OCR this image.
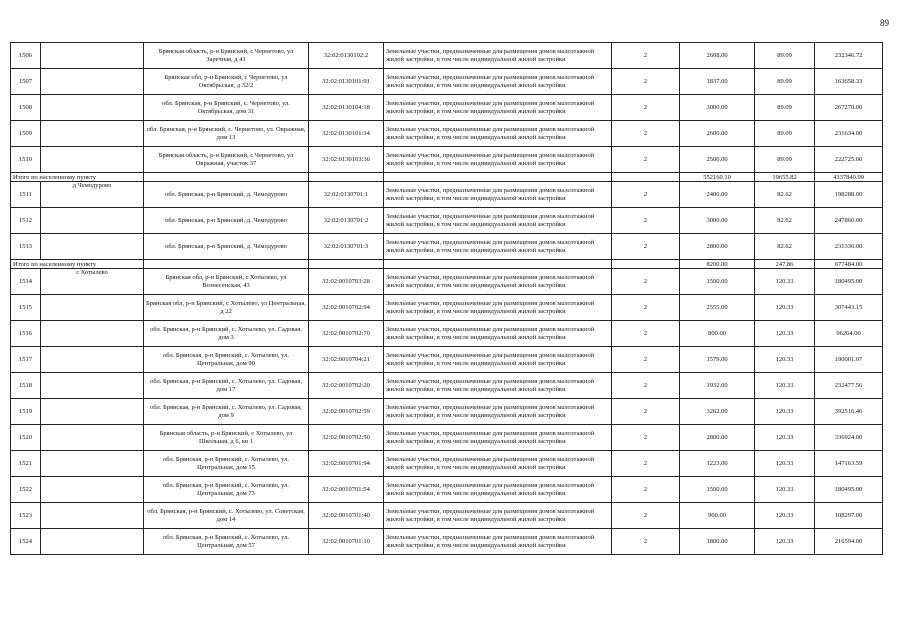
89
1506		Брянская область, р-н Брянский, с Чернетово, ул Заречная, д 41	32:02:0130102:2	Земельные участки, предназначенные для размещения домов малоэтажной жилой застройки, в том числе индивидуальной жилой застройки	2	2608.00	89.09	232346.72
1507		Брянская обл, р-н Брянский, с Чернетово, ул Октябрьская, д 32/2	32:02:0130101:91	Земельные участки, предназначенные для размещения домов малоэтажной жилой застройки, в том числе индивидуальной жилой застройки	2	1837.00	89.09	163658.33
1508		обл. Брянская, р-н Брянский, с. Чернетово, ул. Октябрьская, дом 31	32:02:0130104:18	Земельные участки, предназначенные для размещения домов малоэтажной жилой застройки, в том числе индивидуальной жилой застройки	2	3000.00	89.09	267270.00
1509		обл. Брянская, р-н Брянский, с. Чернетово, ул. Овражная, дом 13	32:02:0130101:34	Земельные участки, предназначенные для размещения домов малоэтажной жилой застройки, в том числе индивидуальной жилой застройки	2	2600.00	89.09	231634.00
1510		Брянская область, р-н Брянский, с Чернетово, ул Овражная, участок 37	32:02:0130103:36	Земельные участки, предназначенные для размещения домов малоэтажной жилой застройки, в том числе индивидуальной жилой застройки	2	2500.00	89.09	222725.00
Итого по населенному пункту						552160.10	19655.82	4337840.99
1511	д Чемодурово	обл. Брянская, р-н Брянский, д. Чемодурово	32:02:0130701:1	Земельные участки, предназначенные для размещения домов малоэтажной жилой застройки, в том числе индивидуальной жилой застройки	2	2400.00	82.62	198288.00
1512		обл. Брянская, р-н Брянский, д. Чемодурово	32:02:0130701:2	Земельные участки, предназначенные для размещения домов малоэтажной жилой застройки, в том числе индивидуальной жилой застройки	2	3000.00	82.62	247860.00
1513		обл. Брянская, р-н Брянский, д. Чемодурово	32:02:0130701:3	Земельные участки, предназначенные для размещения домов малоэтажной жилой застройки, в том числе индивидуальной жилой застройки	2	2800.00	82.62	231336.00
Итого по населенному пункту						8200.00	247.86	677484.00
1514	с Хотылево	Брянская обл, р-н Брянский, с Хотылево, ул Вознесенская, 43	32:02:0010703:28	Земельные участки, предназначенные для размещения домов малоэтажной жилой застройки, в том числе индивидуальной жилой застройки	2	1500.00	120.33	180495.00
1515		Брянская обл, р-н Брянский, с Хотылево, ул Центральная, д 22	32:02:0010702:94	Земельные участки, предназначенные для размещения домов малоэтажной жилой застройки, в том числе индивидуальной жилой застройки	2	2555.00	120.33	307443.15
1516		обл. Брянская, р-н Брянский, с. Хотылево, ул. Садовая, дом 3	32:02:0010702:70	Земельные участки, предназначенные для размещения домов малоэтажной жилой застройки, в том числе индивидуальной жилой застройки	2	800.00	120.33	96264.00
1517		обл. Брянская, р-н Брянский, с. Хотылево, ул. Центральная, дом 90	32:02:0010704:21	Земельные участки, предназначенные для размещения домов малоэтажной жилой застройки, в том числе индивидуальной жилой застройки	2	1579.00	120.33	190001.07
1518		обл. Брянская, р-н Брянский, с. Хотылево, ул. Садовая, дом 17	32:02:0010702:20	Земельные участки, предназначенные для размещения домов малоэтажной жилой застройки, в том числе индивидуальной жилой застройки	2	1932.00	120.33	232477.56
1519		обл. Брянская, р-н Брянский, с. Хотылево, ул. Садовая, дом 9	32:02:0010702:59	Земельные участки, предназначенные для размещения домов малоэтажной жилой застройки, в том числе индивидуальной жилой застройки	2	3262.00	120.33	392516.46
1520		Брянская область, р-н Брянский, с Хотылево, ул Школьная, д 6, кв 1	32:02:0010702:50	Земельные участки, предназначенные для размещения домов малоэтажной жилой застройки, в том числе индивидуальной жилой застройки	2	2800.00	120.33	336924.00
1521		обл. Брянская, р-н Брянский, с. Хотылево, ул. Центральная, дом 15	32:02:0010701:94	Земельные участки, предназначенные для размещения домов малоэтажной жилой застройки, в том числе индивидуальной жилой застройки	2	1223.00	120.33	147163.59
1522		обл. Брянская, р-н Брянский, с. Хотылево, ул. Центральная, дом 73	32:02:0010701:54	Земельные участки, предназначенные для размещения домов малоэтажной жилой застройки, в том числе индивидуальной жилой застройки	2	1500.00	120.33	180495.00
1523		обл. Брянская, р-н Брянский, с. Хотылево, ул. Советская, дом 14	32:02:0010701:40	Земельные участки, предназначенные для размещения домов малоэтажной жилой застройки, в том числе индивидуальной жилой застройки	2	900.00	120.33	108297.00
1524		обл. Брянская, р-н Брянский, с. Хотылево, ул. Центральная, дом 57	32:02:0010701:10	Земельные участки, предназначенные для размещения домов малоэтажной жилой застройки, в том числе индивидуальной жилой застройки	2	1800.00	120.33	216594.00
